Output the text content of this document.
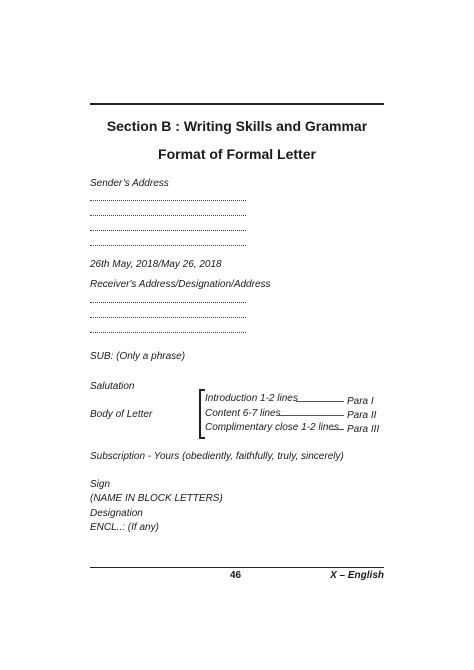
Section B : Writing Skills and Grammar
Format of Formal Letter
Sender’s Address
26th May, 2018/May 26, 2018
Receiver's Address/Designation/Address
SUB: (Only a phrase)
Salutation
Body of Letter
Introduction 1-2 lines	Para I
Content 6-7 lines	Para II
Complimentary close 1-2 lines Para III
Subscription - Yours (obediently, faithfully, truly, sincerely)
Sign
(NAME IN BLOCK LETTERS)
Designation
ENCL..: (If any)
46	X – English
